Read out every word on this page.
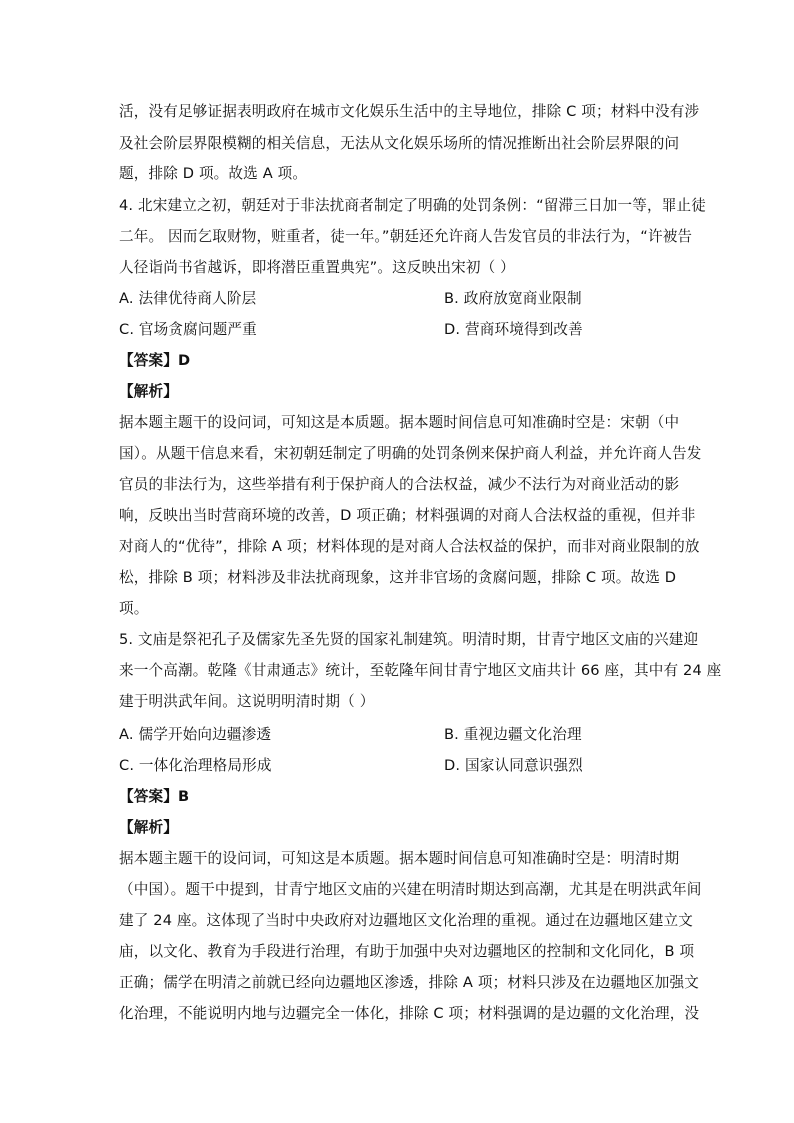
活，没有足够证据表明政府在城市文化娱乐生活中的主导地位，排除 C 项；材料中没有涉
及社会阶层界限模糊的相关信息，无法从文化娱乐场所的情况推断出社会阶层界限的问
题，排除 D 项。故选 A 项。
4. 北宋建立之初，朝廷对于非法扰商者制定了明确的处罚条例：“留滞三日加一等，罪止徒
二年。 因而乞取财物，赃重者，徒一年。”朝廷还允许商人告发官员的非法行为，“许被告
人径诣尚书省越诉，即将潜臣重置典宪”。这反映出宋初（ ）
A. 法律优待商人阶层	B. 政府放宽商业限制
C. 官场贪腐问题严重	D. 营商环境得到改善
【答案】D
【解析】
据本题主题干的设问词，可知这是本质题。据本题时间信息可知准确时空是：宋朝（中
国）。从题干信息来看，宋初朝廷制定了明确的处罚条例来保护商人利益，并允许商人告发
官员的非法行为，这些举措有利于保护商人的合法权益，减少不法行为对商业活动的影
响，反映出当时营商环境的改善，D 项正确；材料强调的对商人合法权益的重视，但并非
对商人的“优待”，排除 A 项；材料体现的是对商人合法权益的保护，而非对商业限制的放
松，排除 B 项；材料涉及非法扰商现象，这并非官场的贪腐问题，排除 C 项。故选 D
项。
5. 文庙是祭祀孔子及儒家先圣先贤的国家礼制建筑。明清时期，甘青宁地区文庙的兴建迎
来一个高潮。乾隆《甘肃通志》统计，至乾隆年间甘青宁地区文庙共计 66 座，其中有 24 座
建于明洪武年间。这说明明清时期（ ）
A. 儒学开始向边疆渗透	B. 重视边疆文化治理
C. 一体化治理格局形成	D. 国家认同意识强烈
【答案】B
【解析】
据本题主题干的设问词，可知这是本质题。据本题时间信息可知准确时空是：明清时期
（中国）。题干中提到，甘青宁地区文庙的兴建在明清时期达到高潮，尤其是在明洪武年间
建了 24 座。这体现了当时中央政府对边疆地区文化治理的重视。通过在边疆地区建立文
庙，以文化、教育为手段进行治理，有助于加强中央对边疆地区的控制和文化同化，B 项
正确；儒学在明清之前就已经向边疆地区渗透，排除 A 项；材料只涉及在边疆地区加强文
化治理，不能说明内地与边疆完全一体化，排除 C 项；材料强调的是边疆的文化治理，没
